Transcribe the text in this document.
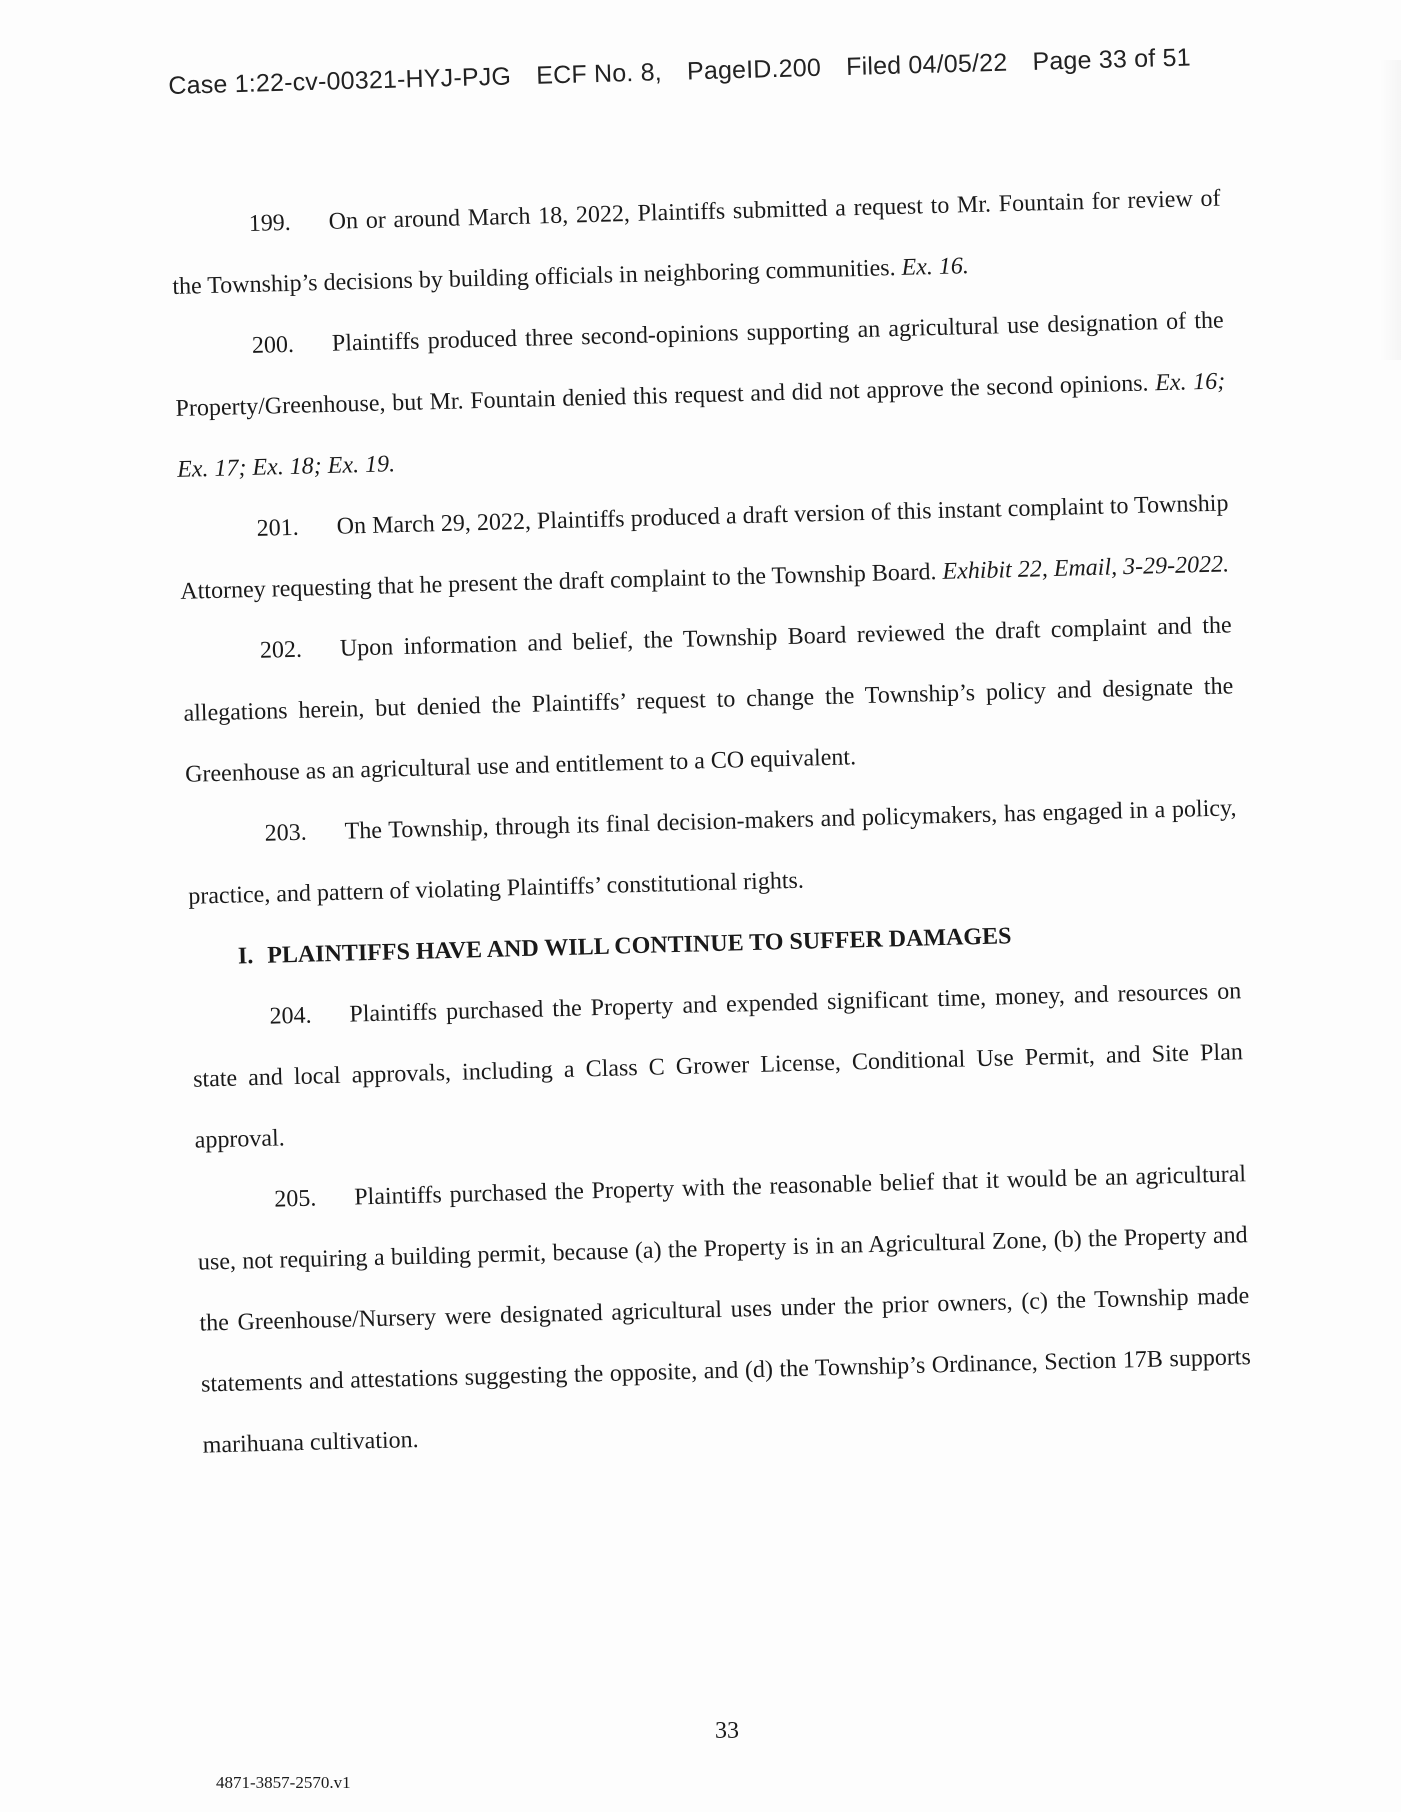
Case 1:22-cv-00321-HYJ-PJG ECF No. 8, PageID.200 Filed 04/05/22 Page 33 of 51

199. On or around March 18, 2022, Plaintiffs submitted a request to Mr. Fountain for review of the Township’s decisions by building officials in neighboring communities. Ex. 16.

200. Plaintiffs produced three second-opinions supporting an agricultural use designation of the Property/Greenhouse, but Mr. Fountain denied this request and did not approve the second opinions. Ex. 16; Ex. 17; Ex. 18; Ex. 19.

201. On March 29, 2022, Plaintiffs produced a draft version of this instant complaint to Township Attorney requesting that he present the draft complaint to the Township Board. Exhibit 22, Email, 3-29-2022.

202. Upon information and belief, the Township Board reviewed the draft complaint and the allegations herein, but denied the Plaintiffs’ request to change the Township’s policy and designate the Greenhouse as an agricultural use and entitlement to a CO equivalent.

203. The Township, through its final decision-makers and policymakers, has engaged in a policy, practice, and pattern of violating Plaintiffs’ constitutional rights.

I. PLAINTIFFS HAVE AND WILL CONTINUE TO SUFFER DAMAGES

204. Plaintiffs purchased the Property and expended significant time, money, and resources on state and local approvals, including a Class C Grower License, Conditional Use Permit, and Site Plan approval.

205. Plaintiffs purchased the Property with the reasonable belief that it would be an agricultural use, not requiring a building permit, because (a) the Property is in an Agricultural Zone, (b) the Property and the Greenhouse/Nursery were designated agricultural uses under the prior owners, (c) the Township made statements and attestations suggesting the opposite, and (d) the Township’s Ordinance, Section 17B supports marihuana cultivation.

33
4871-3857-2570.v1
